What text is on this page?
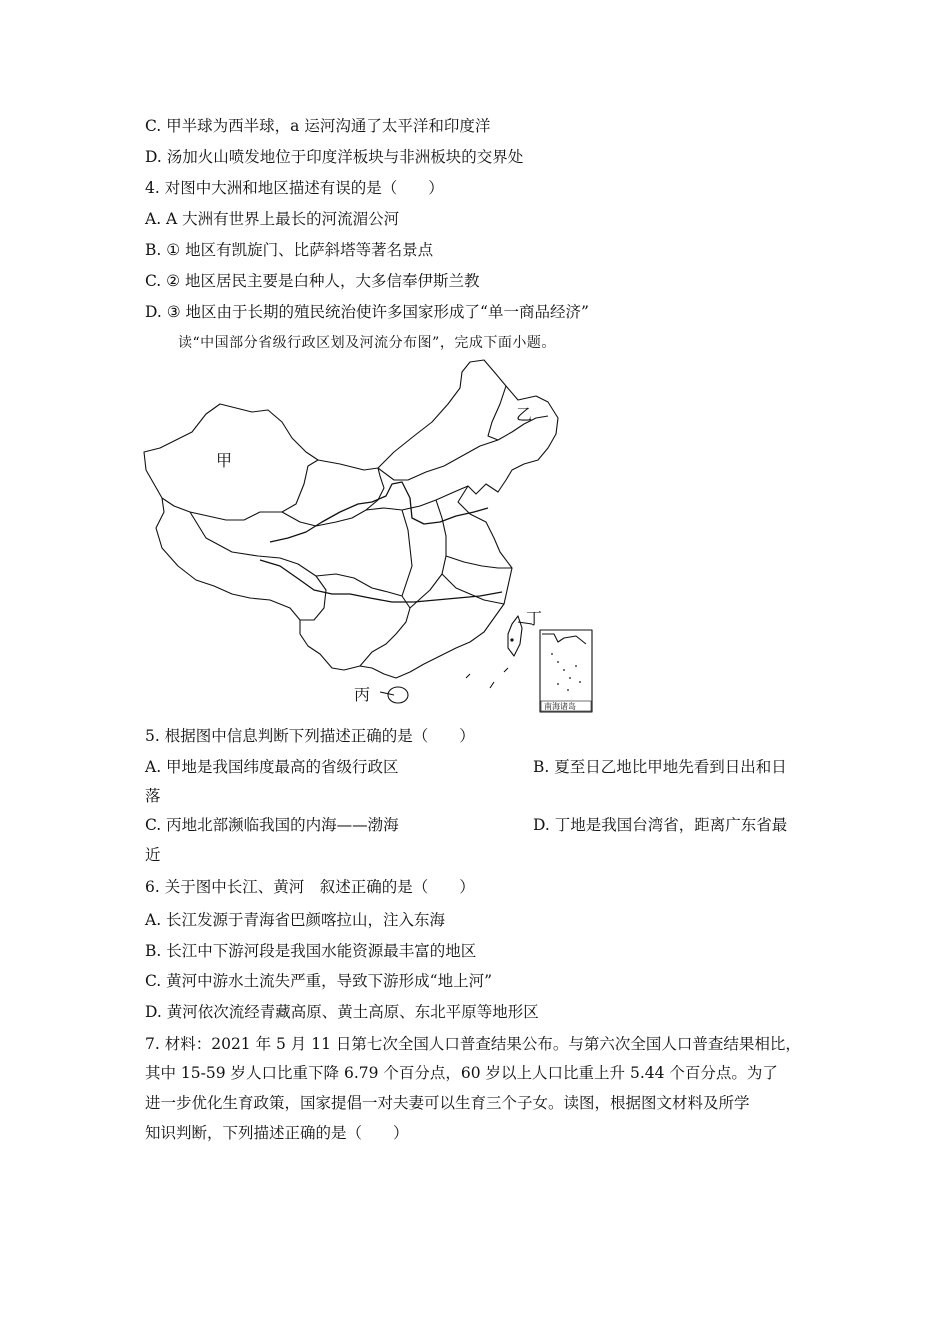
C. 甲半球为西半球，a 运河沟通了太平洋和印度洋
D. 汤加火山喷发地位于印度洋板块与非洲板块的交界处
4. 对图中大洲和地区描述有误的是（　　）
A. A 大洲有世界上最长的河流湄公河
B. ① 地区有凯旋门、比萨斜塔等著名景点
C. ② 地区居民主要是白种人，大多信奉伊斯兰教
D. ③ 地区由于长期的殖民统治使许多国家形成了“单一商品经济”
读“中国部分省级行政区划及河流分布图”，完成下面小题。
南海诸岛
甲
乙
丙
丁
5. 根据图中信息判断下列描述正确的是（　　）
A. 甲地是我国纬度最高的省级行政区	B. 夏至日乙地比甲地先看到日出和日
落
C. 丙地北部濒临我国的内海——渤海	D. 丁地是我国台湾省，距离广东省最
近
6. 关于图中长江、黄河　叙述正确的是（　　）
A. 长江发源于青海省巴颜喀拉山，注入东海
B. 长江中下游河段是我国水能资源最丰富的地区
C. 黄河中游水土流失严重，导致下游形成“地上河”
D. 黄河依次流经青藏高原、黄土高原、东北平原等地形区
7. 材料：2021 年 5 月 11 日第七次全国人口普查结果公布。与第六次全国人口普查结果相比，
其中 15-59 岁人口比重下降 6.79 个百分点，60 岁以上人口比重上升 5.44 个百分点。为了
进一步优化生育政策，国家提倡一对夫妻可以生育三个子女。读图，根据图文材料及所学
知识判断，下列描述正确的是（　　）
